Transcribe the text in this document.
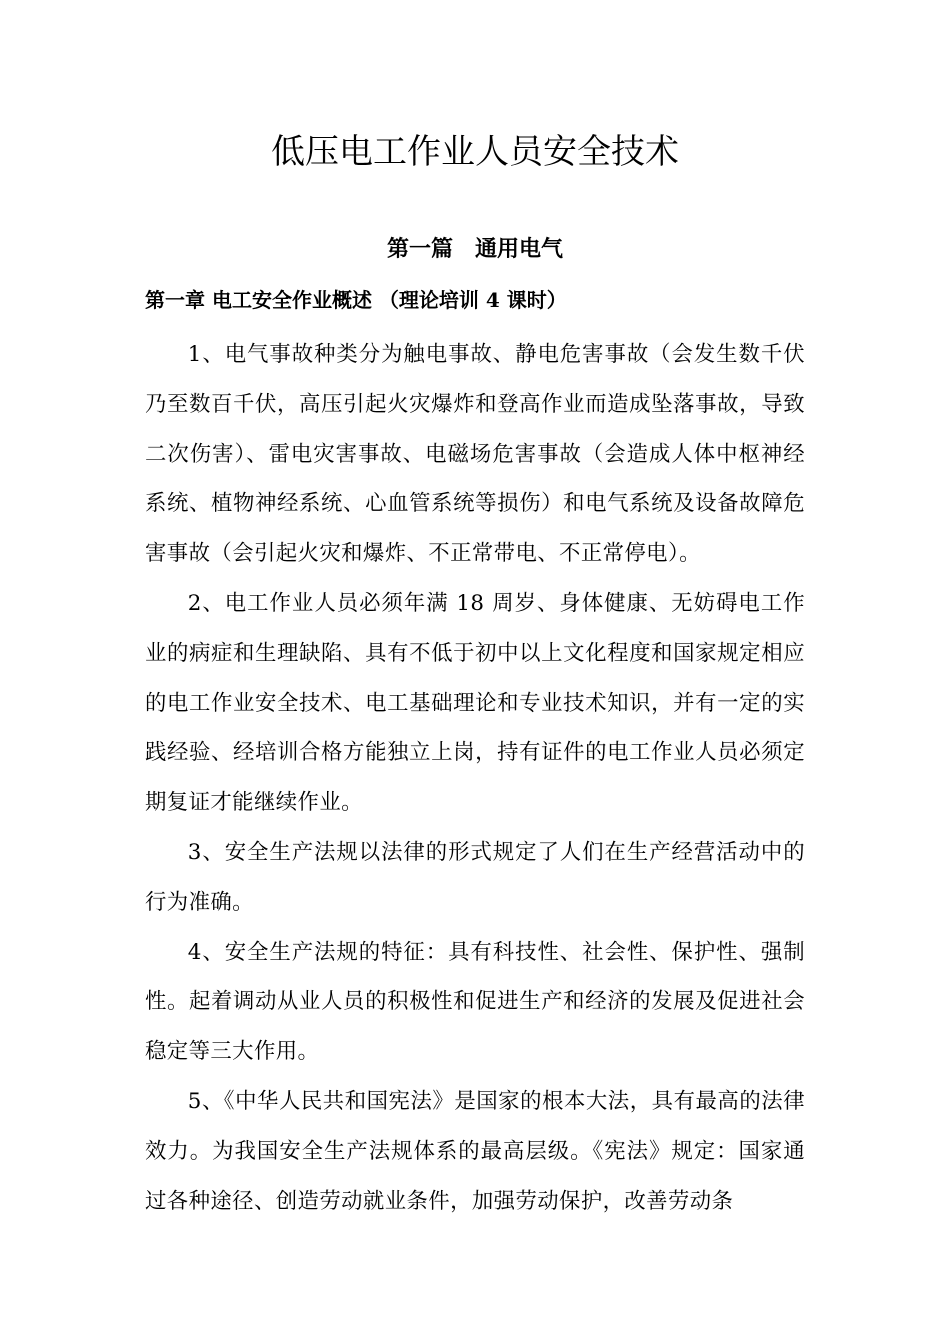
低压电工作业人员安全技术
第一篇　通用电气
第一章 电工安全作业概述 （理论培训 4 课时）

1、电气事故种类分为触电事故、静电危害事故（会发生数千伏乃至数百千伏，高压引起火灾爆炸和登高作业而造成坠落事故，导致二次伤害）、雷电灾害事故、电磁场危害事故（会造成人体中枢神经系统、植物神经系统、心血管系统等损伤）和电气系统及设备故障危害事故（会引起火灾和爆炸、不正常带电、不正常停电）。

2、电工作业人员必须年满 18 周岁、身体健康、无妨碍电工作业的病症和生理缺陷、具有不低于初中以上文化程度和国家规定相应的电工作业安全技术、电工基础理论和专业技术知识，并有一定的实践经验、经培训合格方能独立上岗，持有证件的电工作业人员必须定期复证才能继续作业。

3、安全生产法规以法律的形式规定了人们在生产经营活动中的行为准确。

4、安全生产法规的特征：具有科技性、社会性、保护性、强制性。起着调动从业人员的积极性和促进生产和经济的发展及促进社会稳定等三大作用。

5、《中华人民共和国宪法》是国家的根本大法，具有最高的法律效力。为我国安全生产法规体系的最高层级。《宪法》规定：国家通过各种途径、创造劳动就业条件，加强劳动保护，改善劳动条
